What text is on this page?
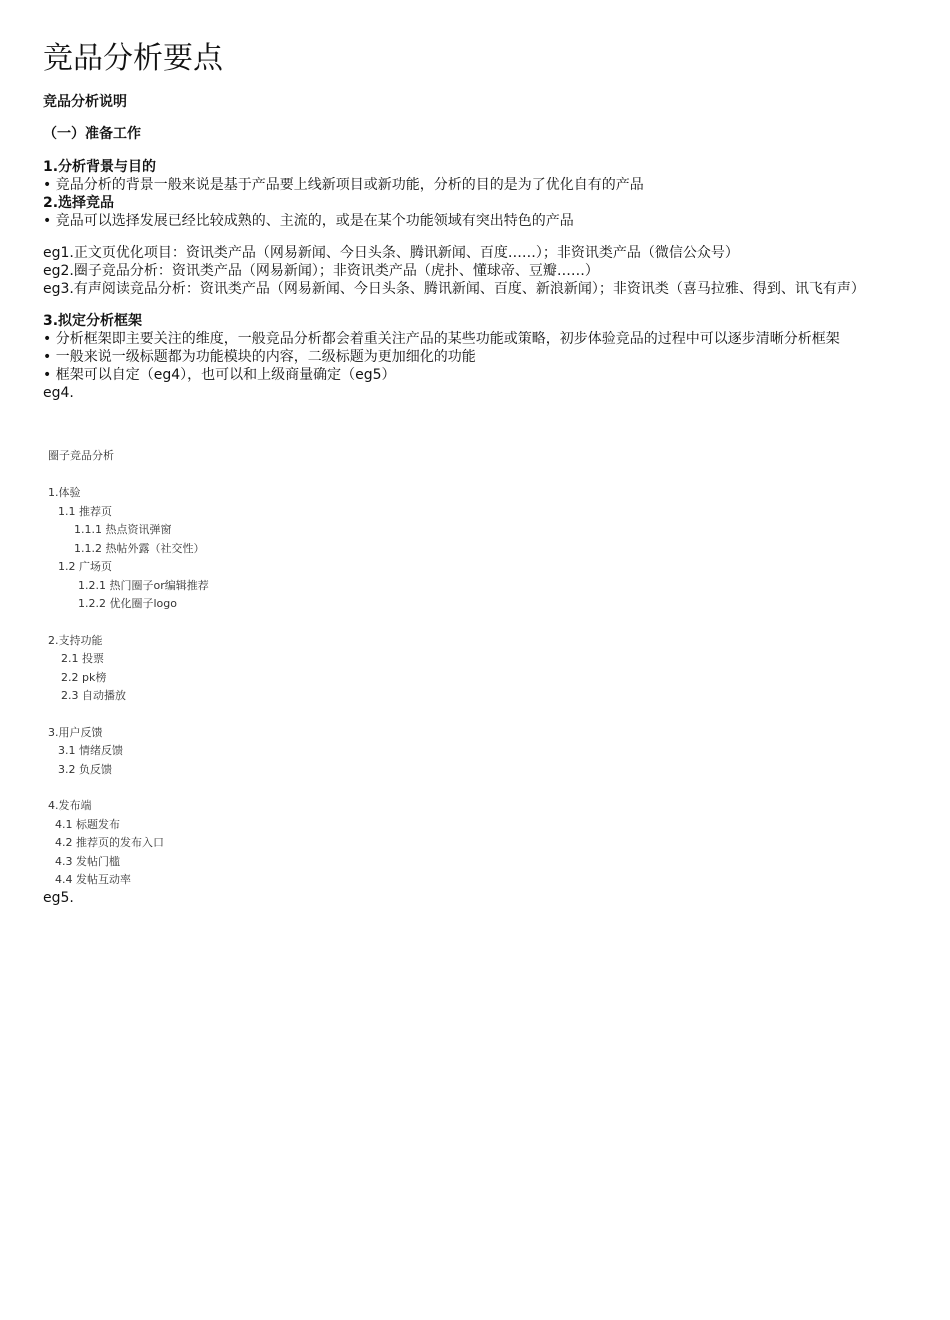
竞品分析要点

竞品分析说明

（一）准备工作

1.分析背景与目的

• 竞品分析的背景一般来说是基于产品要上线新项目或新功能，分析的目的是为了优化自有的产品

2.选择竞品

• 竞品可以选择发展已经比较成熟的、主流的，或是在某个功能领域有突出特色的产品

eg1.正文页优化项目：资讯类产品（网易新闻、今日头条、腾讯新闻、百度……）；非资讯类产品（微信公众号）

eg2.圈子竞品分析：资讯类产品（网易新闻）；非资讯类产品（虎扑、懂球帝、豆瓣……）

eg3.有声阅读竞品分析：资讯类产品（网易新闻、今日头条、腾讯新闻、百度、新浪新闻）；非资讯类（喜马拉雅、得到、讯飞有声）

3.拟定分析框架

• 分析框架即主要关注的维度，一般竞品分析都会着重关注产品的某些功能或策略，初步体验竞品的过程中可以逐步清晰分析框架

• 一般来说一级标题都为功能模块的内容，二级标题为更加细化的功能

• 框架可以自定（eg4），也可以和上级商量确定（eg5）

eg4.

圈子竞品分析

1.体验

1.1 推荐页

1.1.1 热点资讯弹窗

1.1.2 热帖外露（社交性）

1.2 广场页

1.2.1 热门圈子or编辑推荐

1.2.2 优化圈子logo

2.支持功能

2.1 投票

2.2 pk榜

2.3 自动播放

3.用户反馈

3.1 情绪反馈

3.2 负反馈

4.发布端

4.1 标题发布

4.2 推荐页的发布入口

4.3 发帖门槛

4.4 发帖互动率

eg5.
